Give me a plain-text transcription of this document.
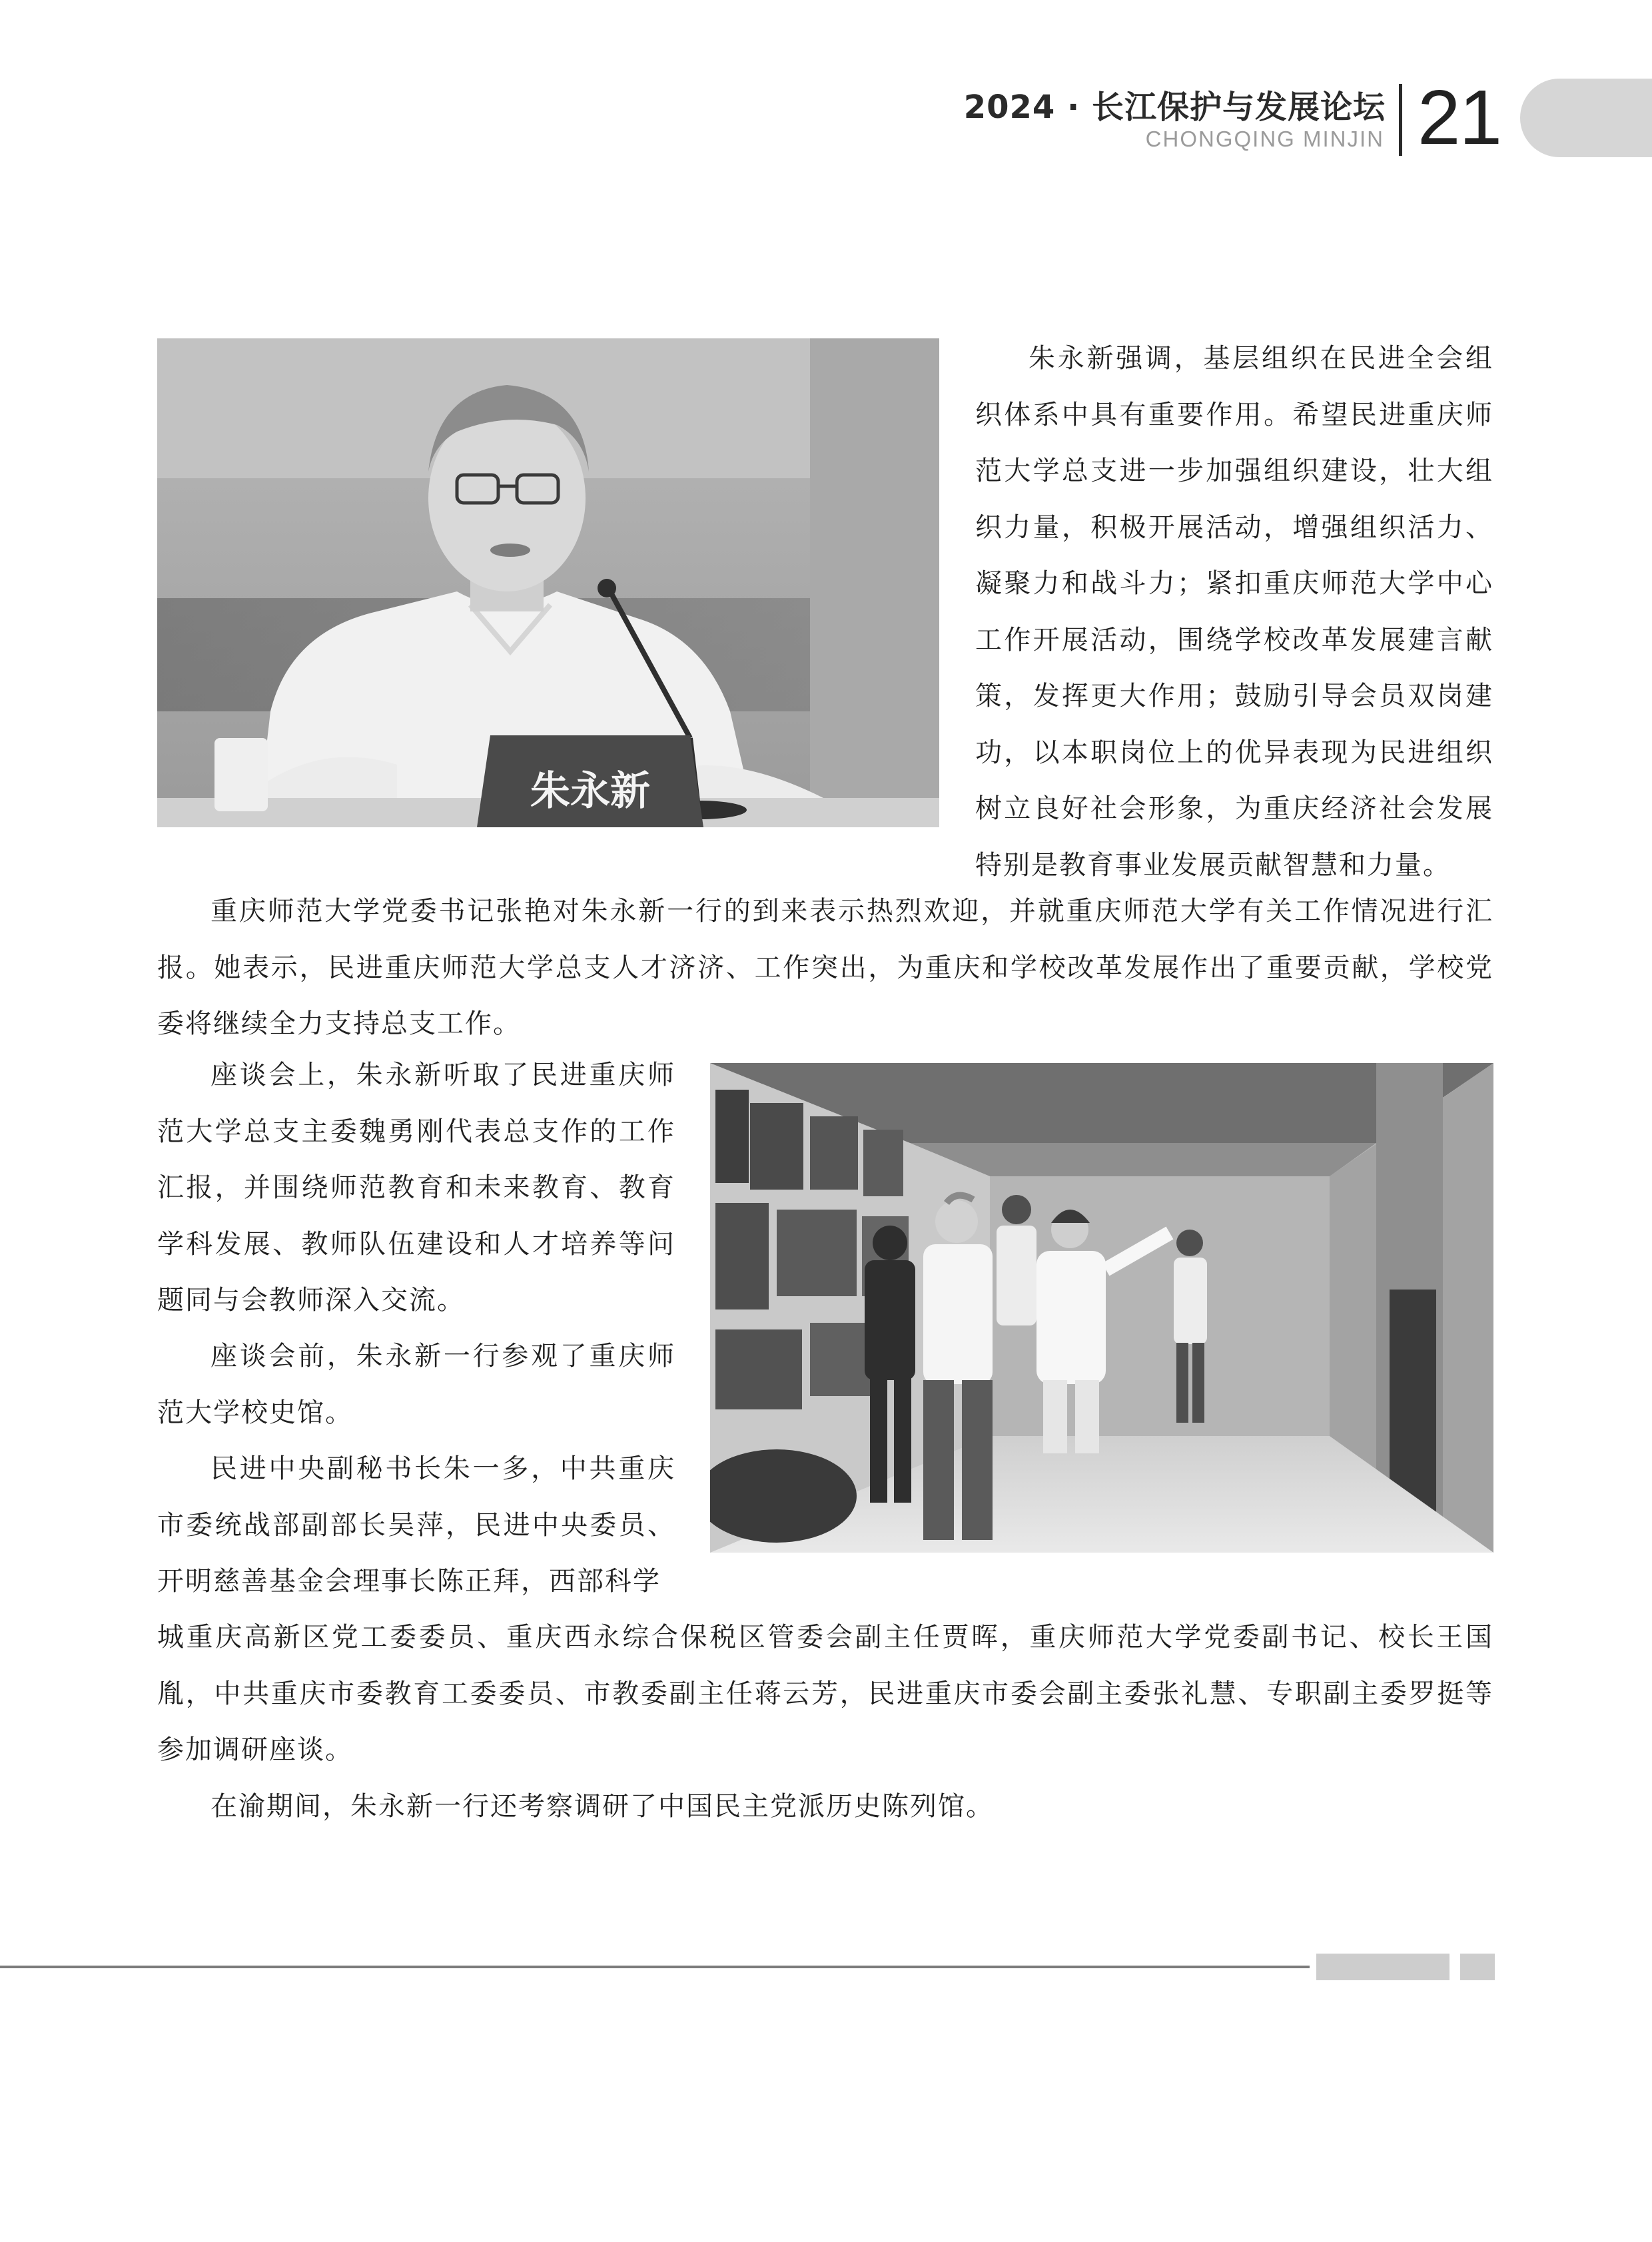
2024 · 长江保护与发展论坛
CHONGQING MINJIN 21
朱永新

朱永新强调，基层组织在民进全会组织体系中具有重要作用。希望民进重庆师范大学总支进一步加强组织建设，壮大组织力量，积极开展活动，增强组织活力、凝聚力和战斗力；紧扣重庆师范大学中心工作开展活动，围绕学校改革发展建言献策，发挥更大作用；鼓励引导会员双岗建功，以本职岗位上的优异表现为民进组织树立良好社会形象，为重庆经济社会发展特别是教育事业发展贡献智慧和力量。

重庆师范大学党委书记张艳对朱永新一行的到来表示热烈欢迎，并就重庆师范大学有关工作情况进行汇报。她表示，民进重庆师范大学总支人才济济、工作突出，为重庆和学校改革发展作出了重要贡献，学校党委将继续全力支持总支工作。

座谈会上，朱永新听取了民进重庆师范大学总支主委魏勇刚代表总支作的工作汇报，并围绕师范教育和未来教育、教育学科发展、教师队伍建设和人才培养等问题同与会教师深入交流。

座谈会前，朱永新一行参观了重庆师范大学校史馆。

民进中央副秘书长朱一多，中共重庆市委统战部副部长吴萍，民进中央委员、开明慈善基金会理事长陈正拜，西部科学

城重庆高新区党工委委员、重庆西永综合保税区管委会副主任贾晖，重庆师范大学党委副书记、校长王国胤，中共重庆市委教育工委委员、市教委副主任蒋云芳，民进重庆市委会副主委张礼慧、专职副主委罗挺等参加调研座谈。

在渝期间，朱永新一行还考察调研了中国民主党派历史陈列馆。
